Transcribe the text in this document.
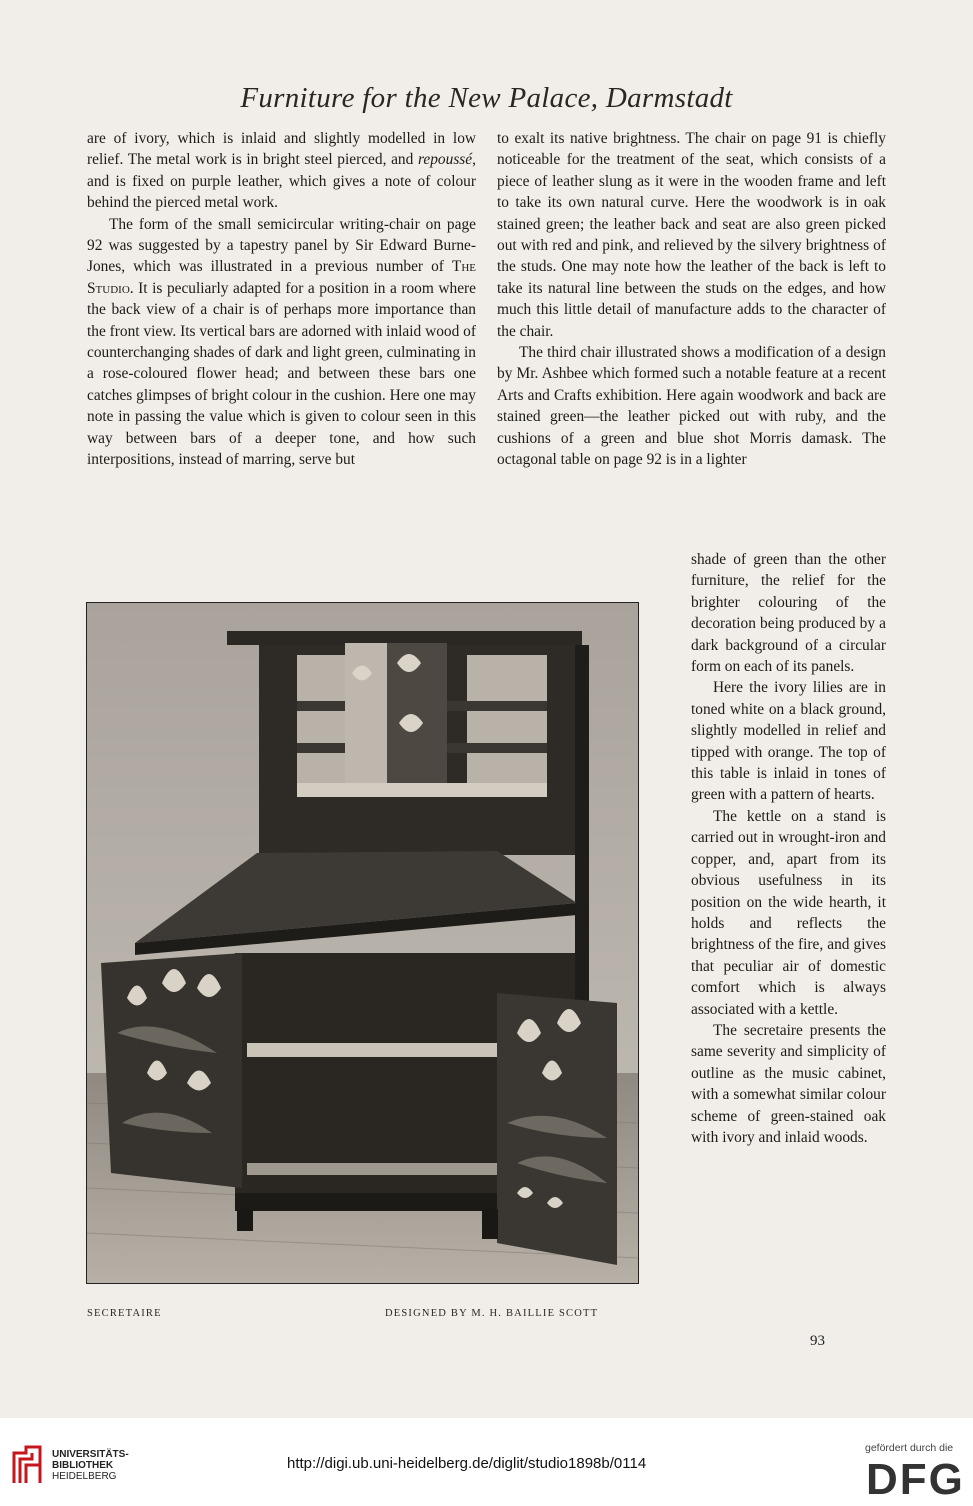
Furniture for the New Palace, Darmstadt

are of ivory, which is inlaid and slightly modelled in low relief. The metal work is in bright steel pierced, and repoussé, and is fixed on purple leather, which gives a note of colour behind the pierced metal work.

The form of the small semicircular writing-chair on page 92 was suggested by a tapestry panel by Sir Edward Burne-Jones, which was illustrated in a previous number of The Studio. It is peculiarly adapted for a position in a room where the back view of a chair is of perhaps more importance than the front view. Its vertical bars are adorned with inlaid wood of counterchanging shades of dark and light green, culminating in a rose-coloured flower head; and between these bars one catches glimpses of bright colour in the cushion. Here one may note in passing the value which is given to colour seen in this way between bars of a deeper tone, and how such interpositions, instead of marring, serve but

to exalt its native brightness. The chair on page 91 is chiefly noticeable for the treatment of the seat, which consists of a piece of leather slung as it were in the wooden frame and left to take its own natural curve. Here the woodwork is in oak stained green; the leather back and seat are also green picked out with red and pink, and relieved by the silvery brightness of the studs. One may note how the leather of the back is left to take its natural line between the studs on the edges, and how much this little detail of manufacture adds to the character of the chair.

The third chair illustrated shows a modification of a design by Mr. Ashbee which formed such a notable feature at a recent Arts and Crafts exhibition. Here again woodwork and back are stained green—the leather picked out with ruby, and the cushions of a green and blue shot Morris damask. The octagonal table on page 92 is in a lighter

shade of green than the other furniture, the relief for the brighter colouring of the decoration being produced by a dark background of a circular form on each of its panels.

Here the ivory lilies are in toned white on a black ground, slightly modelled in relief and tipped with orange. The top of this table is inlaid in tones of green with a pattern of hearts.

The kettle on a stand is carried out in wrought-iron and copper, and, apart from its obvious usefulness in its position on the wide hearth, it holds and reflects the brightness of the fire, and gives that peculiar air of domestic comfort which is always associated with a kettle.

The secretaire presents the same severity and simplicity of outline as the music cabinet, with a somewhat similar colour scheme of green-stained oak with ivory and inlaid woods.

SECRETAIRE	DESIGNED BY M. H. BAILLIE SCOTT
93
UNIVERSITÄTS-
BIBLIOTHEK
HEIDELBERG
http://digi.ub.uni-heidelberg.de/diglit/studio1898b/0114
gefördert durch die
DFG
